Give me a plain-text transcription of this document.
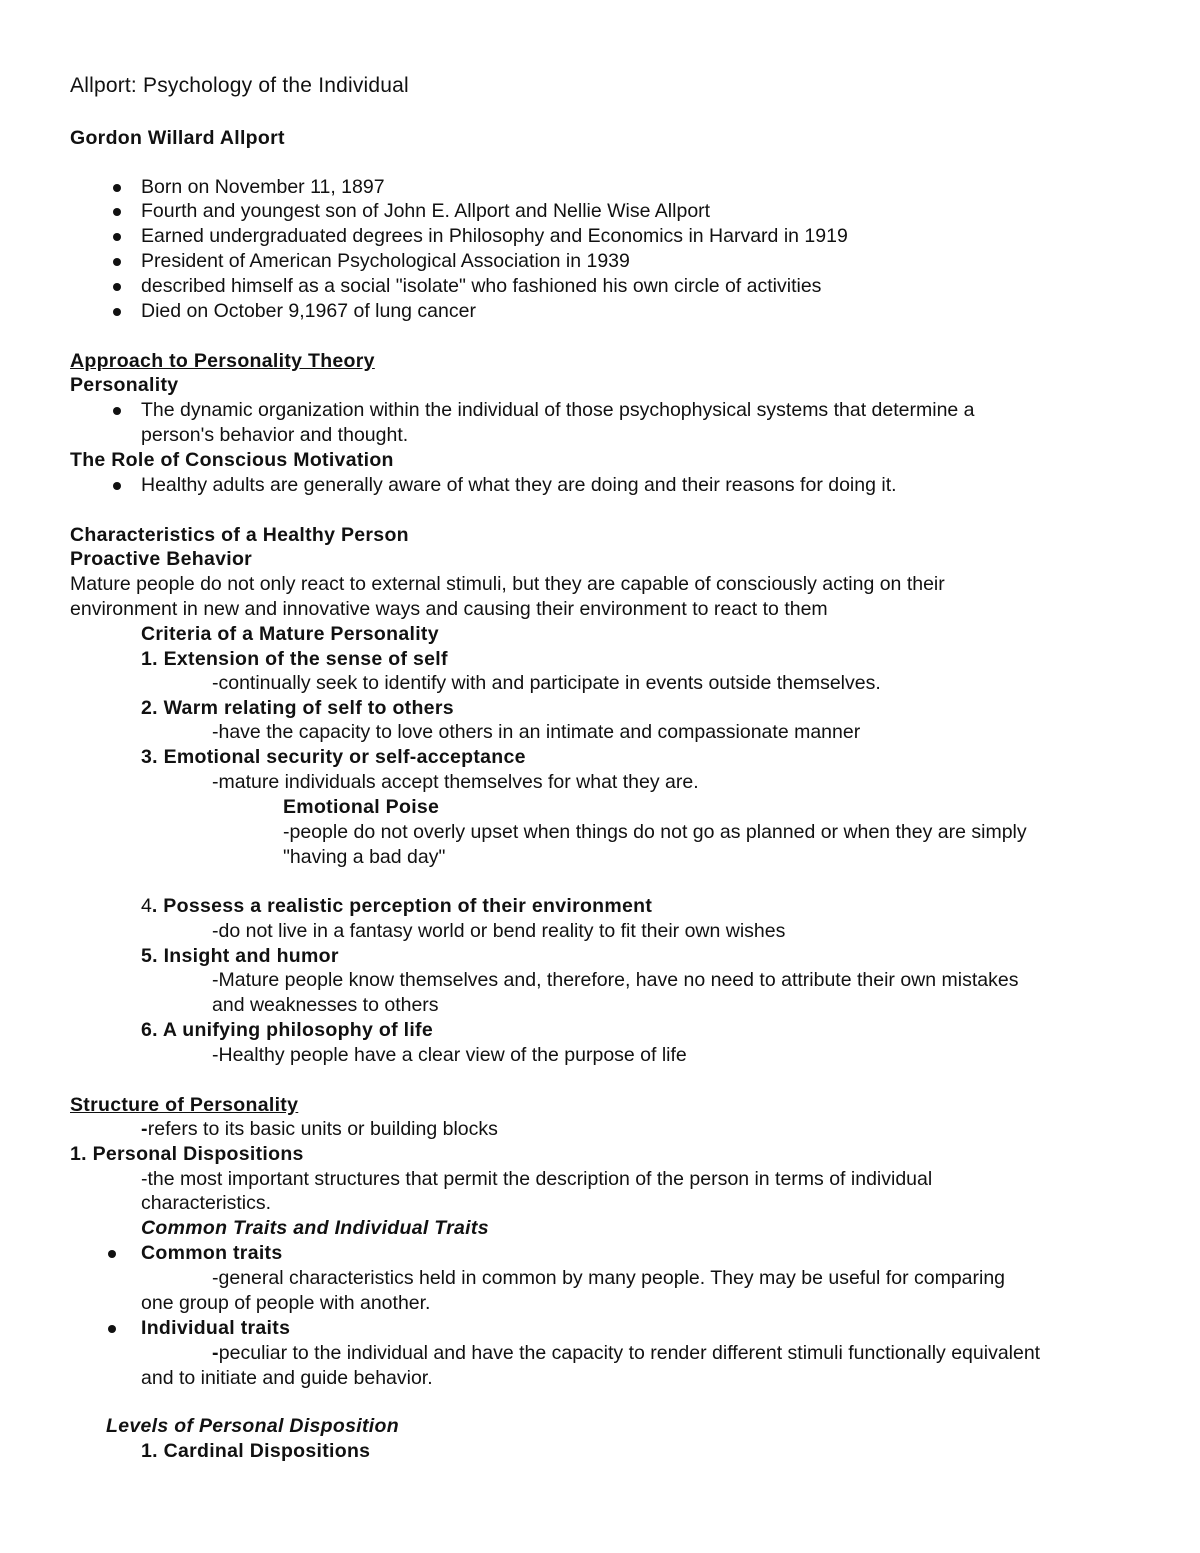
Allport: Psychology of the Individual
Gordon Willard Allport
Born on November 11, 1897
Fourth and youngest son of John E. Allport and Nellie Wise Allport
Earned undergraduated degrees in Philosophy and Economics in Harvard in 1919
President of American Psychological Association in 1939
described himself as a social "isolate" who fashioned his own circle of activities
Died on October 9,1967 of lung cancer
Approach to Personality Theory
Personality
The dynamic organization within the individual of those psychophysical systems that determine a
person's behavior and thought.
The Role of Conscious Motivation
Healthy adults are generally aware of what they are doing and their reasons for doing it.
Characteristics of a Healthy Person
Proactive Behavior
Mature people do not only react to external stimuli, but they are capable of consciously acting on their
environment in new and innovative ways and causing their environment to react to them
Criteria of a Mature Personality
1. Extension of the sense of self
-continually seek to identify with and participate in events outside themselves.
2. Warm relating of self to others
-have the capacity to love others in an intimate and compassionate manner
3. Emotional security or self-acceptance
-mature individuals accept themselves for what they are.
Emotional Poise
-people do not overly upset when things do not go as planned or when they are simply
"having a bad day"
4. Possess a realistic perception of their environment
-do not live in a fantasy world or bend reality to fit their own wishes
5. Insight and humor
-Mature people know themselves and, therefore, have no need to attribute their own mistakes
and weaknesses to others
6. A unifying philosophy of life
-Healthy people have a clear view of the purpose of life
Structure of Personality
-refers to its basic units or building blocks
1. Personal Dispositions
-the most important structures that permit the description of the person in terms of individual
characteristics.
Common Traits and Individual Traits
Common traits
-general characteristics held in common by many people. They may be useful for comparing
one group of people with another.
Individual traits
-peculiar to the individual and have the capacity to render different stimuli functionally equivalent
and to initiate and guide behavior.
Levels of Personal Disposition
1. Cardinal Dispositions
